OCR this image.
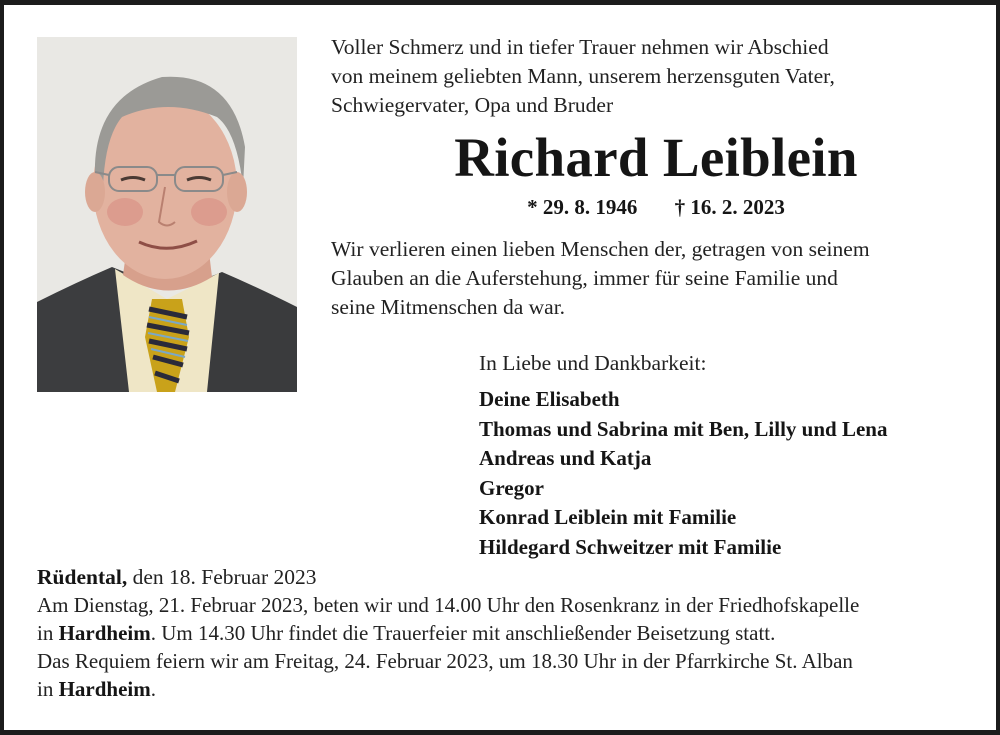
Voller Schmerz und in tiefer Trauer nehmen wir Abschied
von meinem geliebten Mann, unserem herzensguten Vater,
Schwiegervater, Opa und Bruder
Richard Leiblein
* 29. 8. 1946 † 16. 2. 2023
Wir verlieren einen lieben Menschen der, getragen von seinem
Glauben an die Auferstehung, immer für seine Familie und
seine Mitmenschen da war.
In Liebe und Dankbarkeit:
Deine Elisabeth
Thomas und Sabrina mit Ben, Lilly und Lena
Andreas und Katja
Gregor
Konrad Leiblein mit Familie
Hildegard Schweitzer mit Familie
Rüdental, den 18. Februar 2023
Am Dienstag, 21. Februar 2023, beten wir und 14.00 Uhr den Rosenkranz in der Friedhofskapelle
in Hardheim. Um 14.30 Uhr findet die Trauerfeier mit anschließender Beisetzung statt.
Das Requiem feiern wir am Freitag, 24. Februar 2023, um 18.30 Uhr in der Pfarrkirche St. Alban
in Hardheim.
